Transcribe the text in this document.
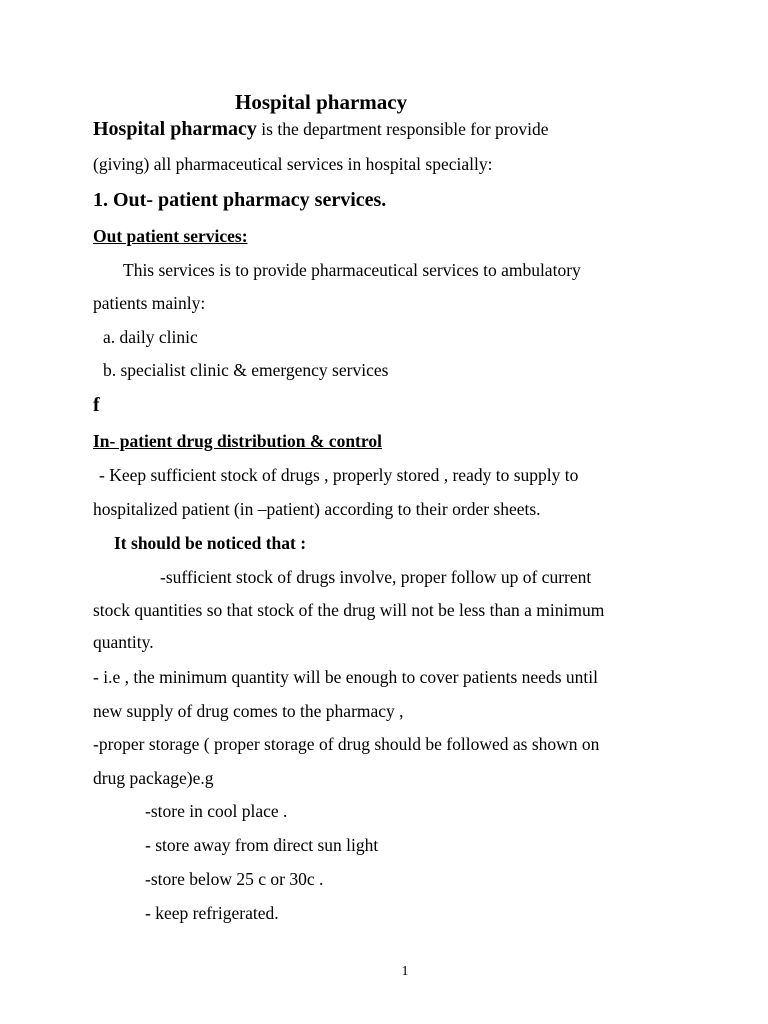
Hospital pharmacy
Hospital pharmacy is the department responsible for provide
(giving) all pharmaceutical services in hospital specially:
1. Out- patient pharmacy services.
Out patient services:
This services is to provide pharmaceutical services to ambulatory
patients mainly:
a. daily clinic
b. specialist clinic & emergency services
f
In- patient drug distribution & control
- Keep sufficient stock of drugs , properly stored , ready to supply to
hospitalized patient (in –patient) according to their order sheets.
It should be noticed that :
-sufficient stock of drugs involve, proper follow up of current
stock quantities so that stock of the drug will not be less than a minimum
quantity.
- i.e , the minimum quantity will be enough to cover patients needs until
new supply of drug comes to the pharmacy ,
-proper storage ( proper storage of drug should be followed as shown on
drug package)e.g
-store in cool place .
- store away from direct sun light
-store below 25 c or 30c .
- keep refrigerated.
1
